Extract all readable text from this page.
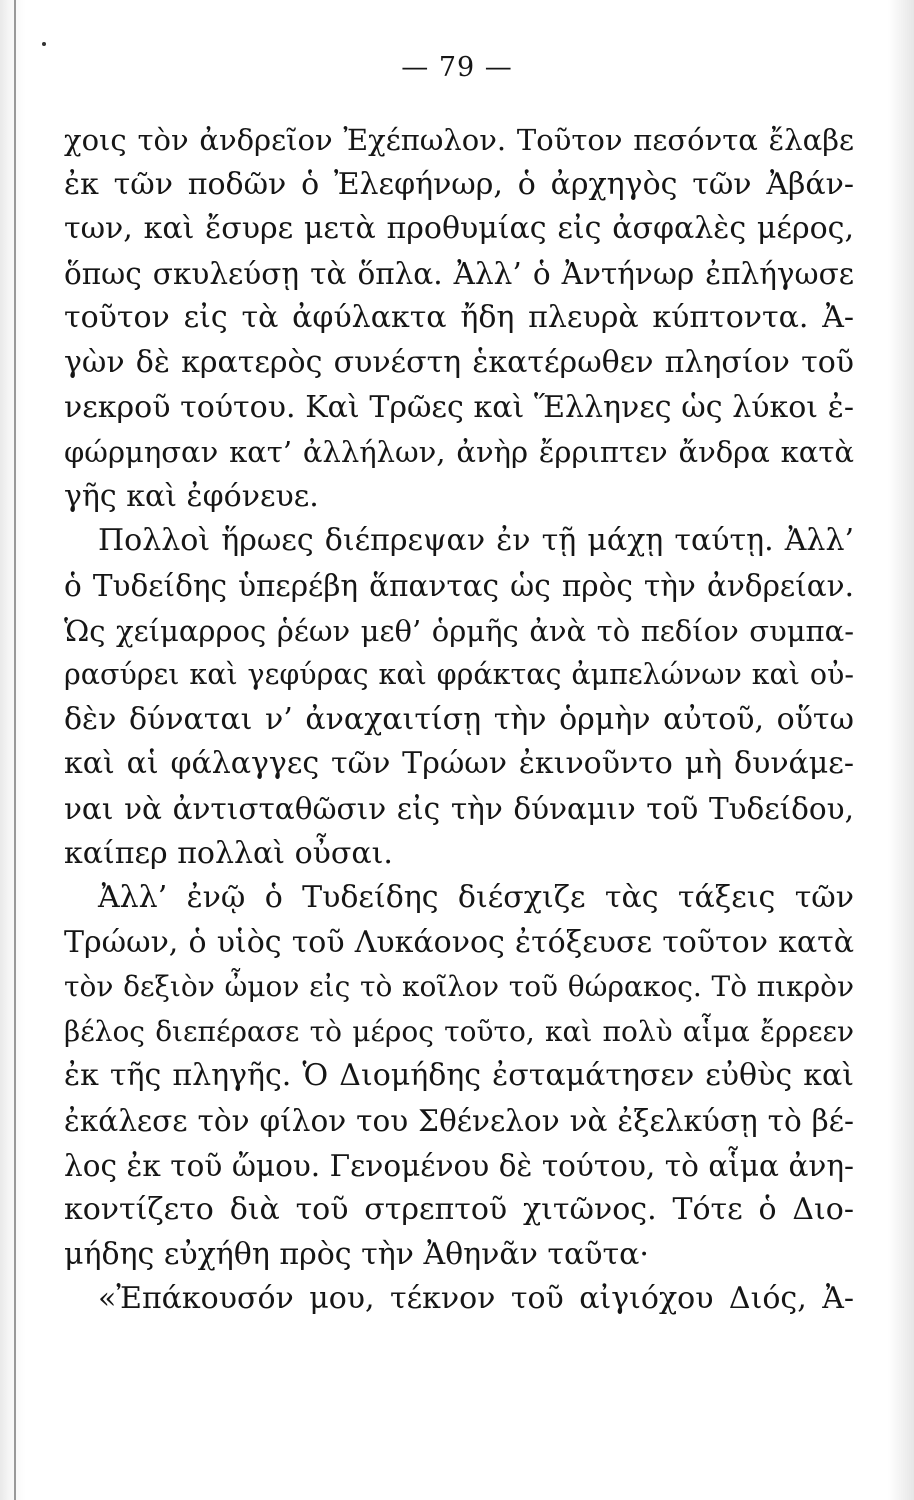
— 79 —
χοις τὸν ἀνδρεῖον Ἐχέπωλον. Τοῦτον πεσόντα ἔλαβε
ἐκ τῶν ποδῶν ὁ Ἐλεφήνωρ, ὁ ἀρχηγὸς τῶν Ἀβάν-
των, καὶ ἔσυρε μετὰ προθυμίας εἰς ἀσφαλὲς μέρος,
ὅπως σκυλεύσῃ τὰ ὅπλα. Ἀλλ’ ὁ Ἀντήνωρ ἐπλήγωσε
τοῦτον εἰς τὰ ἀφύλακτα ἤδη πλευρὰ κύπτοντα. Ἀ-
γὼν δὲ κρατερὸς συνέστη ἑκατέρωθεν πλησίον τοῦ
νεκροῦ τούτου. Καὶ Τρῶες καὶ Ἕλληνες ὡς λύκοι ἐ-
φώρμησαν κατ’ ἀλλήλων, ἀνὴρ ἔρριπτεν ἄνδρα κατὰ
γῆς καὶ ἐφόνευε.
Πολλοὶ ἥρωες διέπρεψαν ἐν τῇ μάχῃ ταύτῃ. Ἀλλ’
ὁ Τυδείδης ὑπερέβη ἅπαντας ὡς πρὸς τὴν ἀνδρείαν.
Ὡς χείμαρρος ῥέων μεθ’ ὁρμῆς ἀνὰ τὸ πεδίον συμπα-
ρασύρει καὶ γεφύρας καὶ φράκτας ἀμπελώνων καὶ οὐ-
δὲν δύναται ν’ ἀναχαιτίσῃ τὴν ὁρμὴν αὐτοῦ, οὕτω
καὶ αἱ φάλαγγες τῶν Τρώων ἐκινοῦντο μὴ δυνάμε-
ναι νὰ ἀντισταθῶσιν εἰς τὴν δύναμιν τοῦ Τυδείδου,
καίπερ πολλαὶ οὖσαι.
Ἀλλ’ ἐνῷ ὁ Τυδείδης διέσχιζε τὰς τάξεις τῶν
Τρώων, ὁ υἱὸς τοῦ Λυκάονος ἐτόξευσε τοῦτον κατὰ
τὸν δεξιὸν ὦμον εἰς τὸ κοῖλον τοῦ θώρακος. Τὸ πικρὸν
βέλος διεπέρασε τὸ μέρος τοῦτο, καὶ πολὺ αἷμα ἔρρεεν
ἐκ τῆς πληγῆς. Ὁ Διομήδης ἐσταμάτησεν εὐθὺς καὶ
ἐκάλεσε τὸν φίλον του Σθένελον νὰ ἐξελκύσῃ τὸ βέ-
λος ἐκ τοῦ ὤμου. Γενομένου δὲ τούτου, τὸ αἷμα ἀνη-
κοντίζετο διὰ τοῦ στρεπτοῦ χιτῶνος. Τότε ὁ Διο-
μήδης εὐχήθη πρὸς τὴν Ἀθηνᾶν ταῦτα·
«Ἐπάκουσόν μου, τέκνον τοῦ αἰγιόχου Διός, Ἀ-
